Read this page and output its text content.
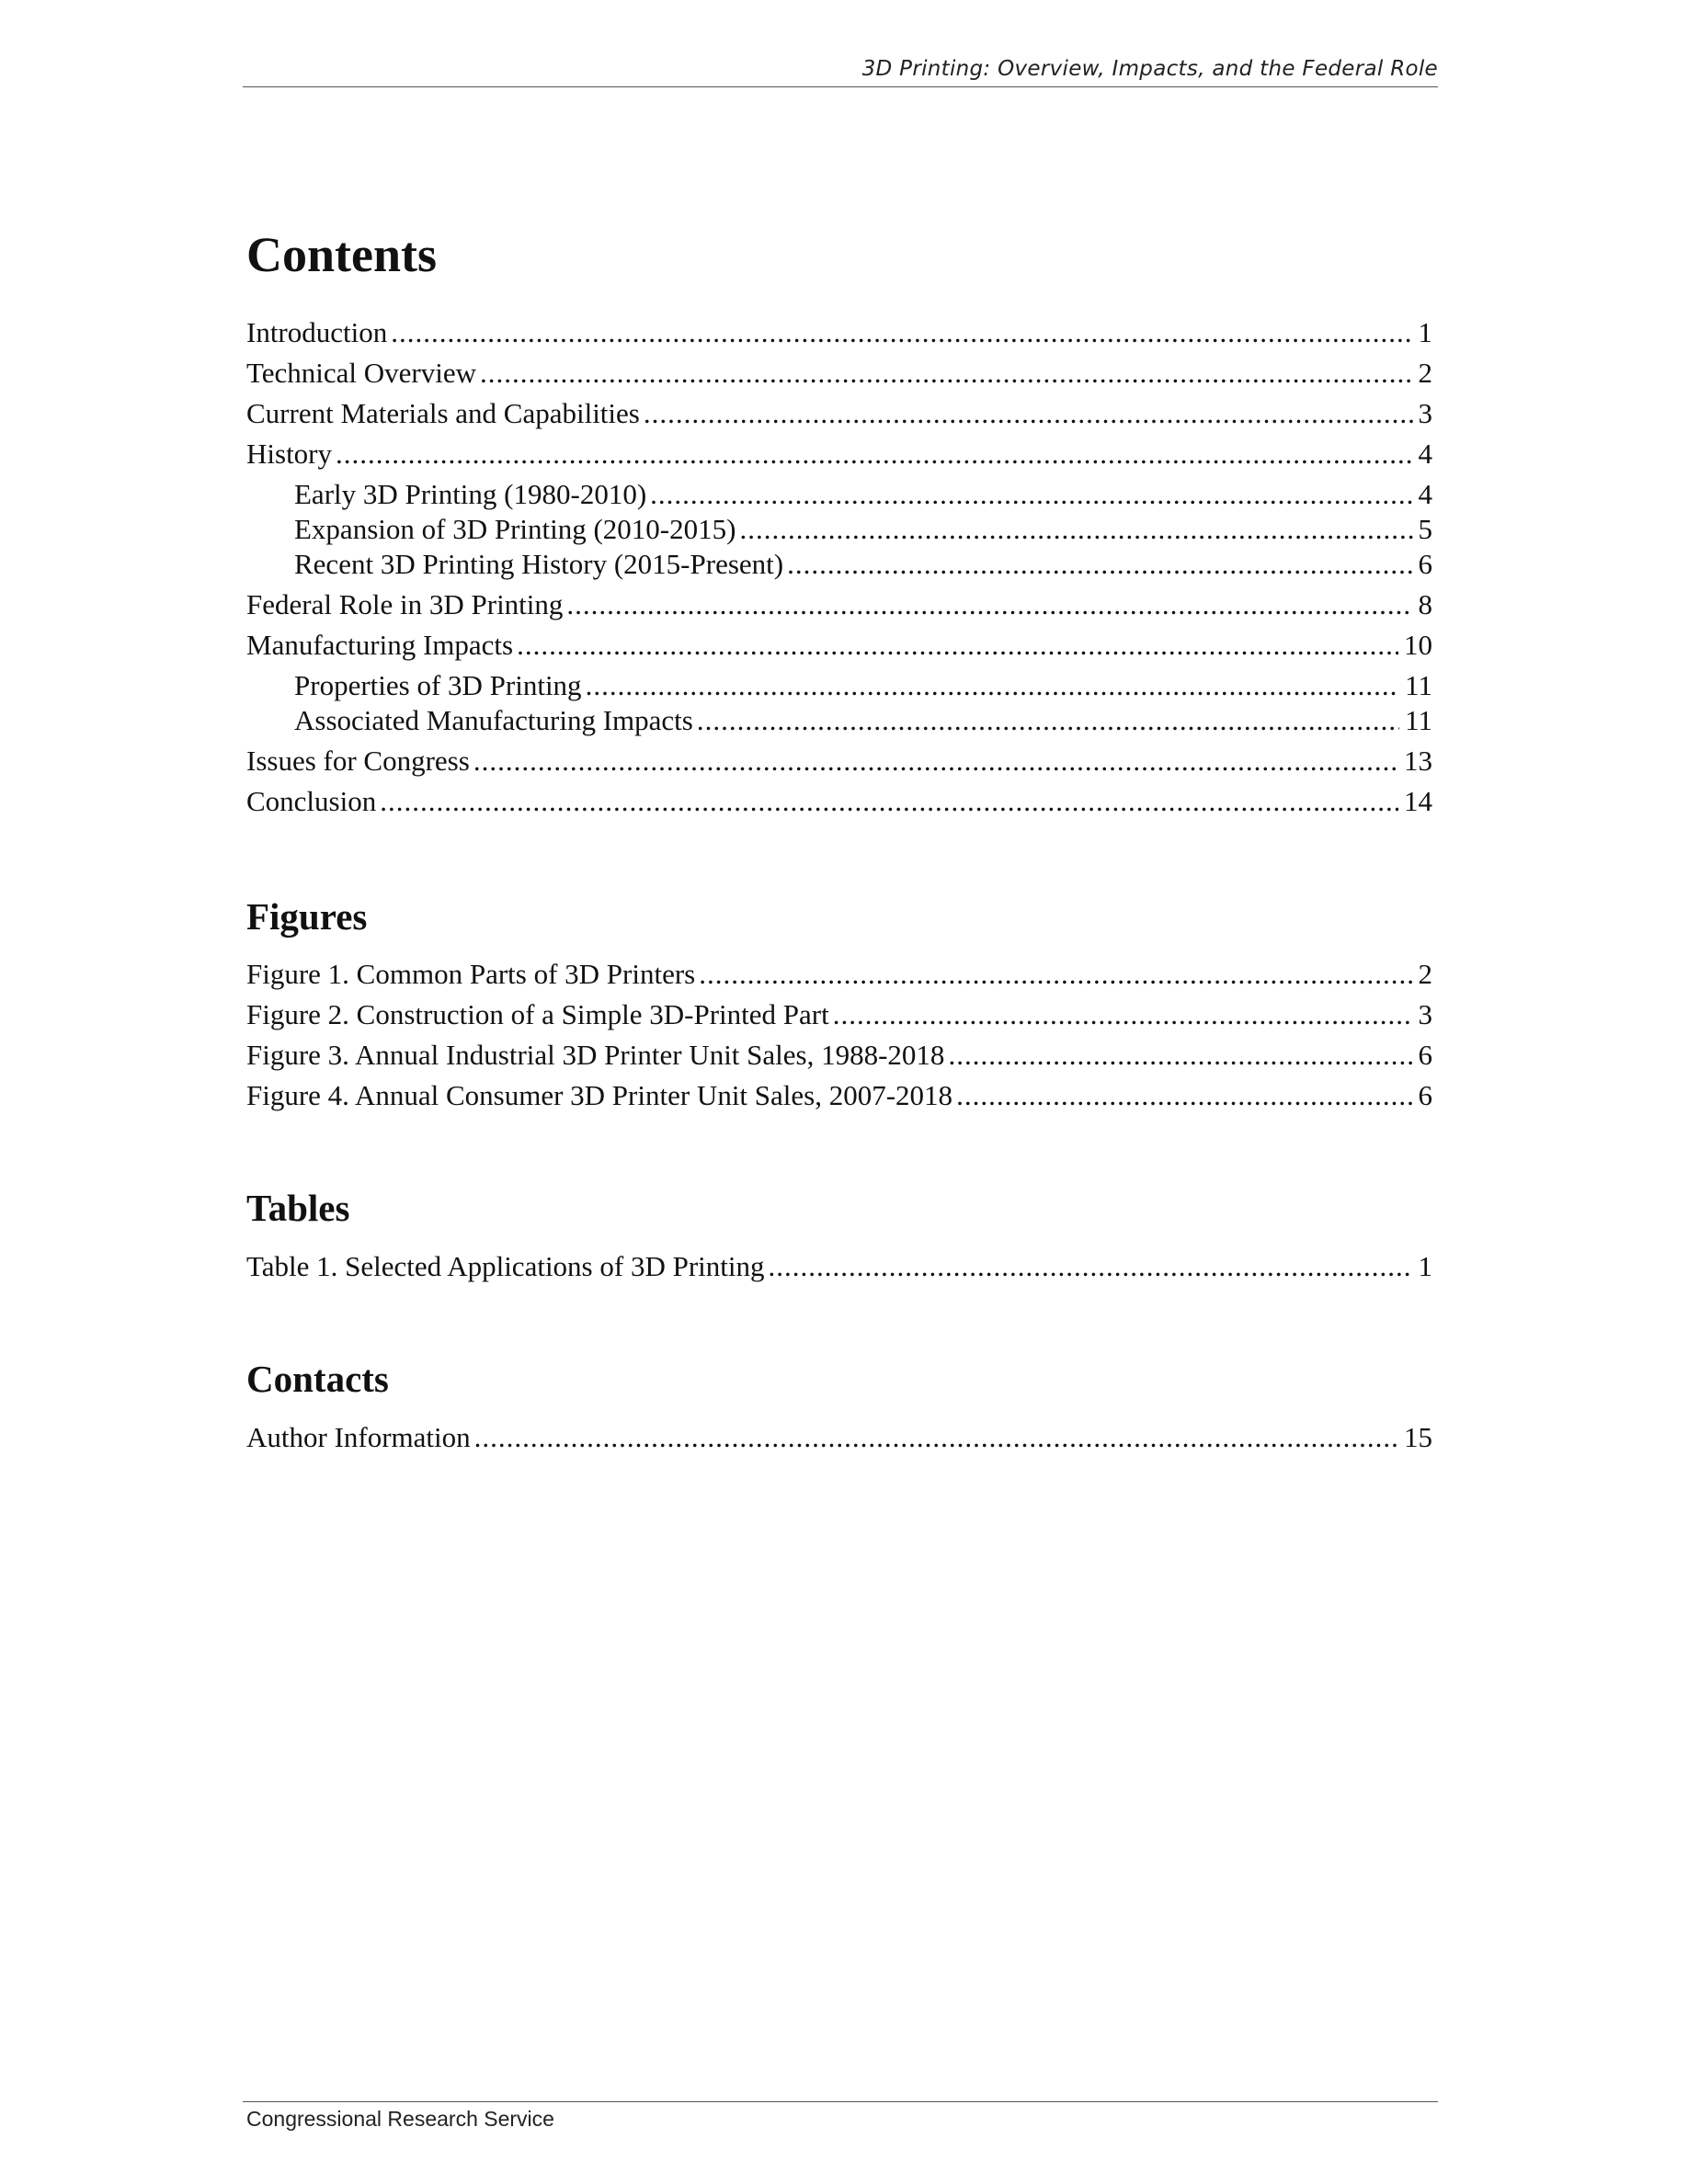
3D Printing: Overview, Impacts, and the Federal Role
Contents
Introduction .....	1
Technical Overview .....	2
Current Materials and Capabilities .....	3
History .....	4
Early 3D Printing (1980-2010) .....	4
Expansion of 3D Printing (2010-2015) .....	5
Recent 3D Printing History (2015-Present) .....	6
Federal Role in 3D Printing .....	8
Manufacturing Impacts .....	10
Properties of 3D Printing .....	11
Associated Manufacturing Impacts .....	11
Issues for Congress .....	13
Conclusion .....	14
Figures
Figure 1. Common Parts of 3D Printers .....	2
Figure 2. Construction of a Simple 3D-Printed Part .....	3
Figure 3. Annual Industrial 3D Printer Unit Sales, 1988-2018 .....	6
Figure 4. Annual Consumer 3D Printer Unit Sales, 2007-2018 .....	6
Tables
Table 1. Selected Applications of 3D Printing .....	1
Contacts
Author Information .....	15
Congressional Research Service
